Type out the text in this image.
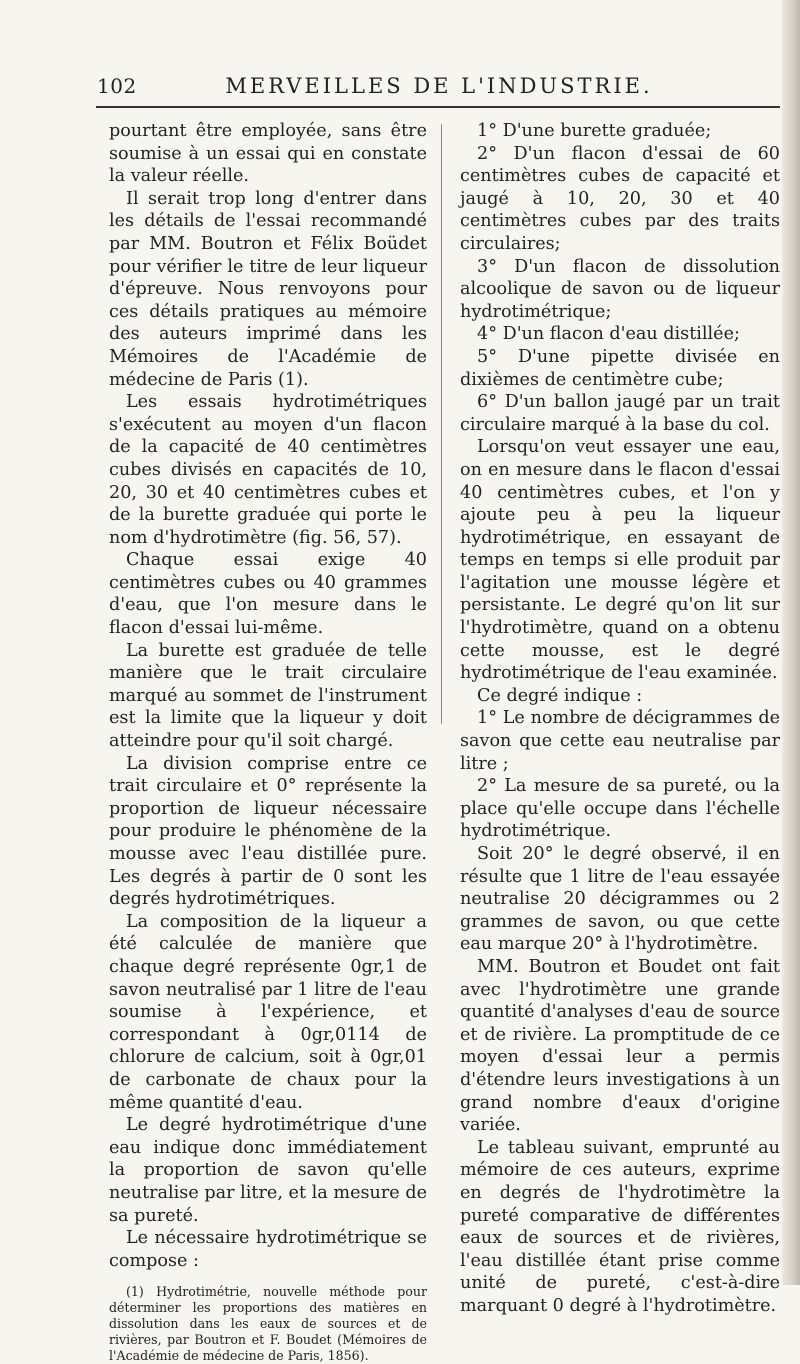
102	MERVEILLES DE L'INDUSTRIE.

pourtant être employée, sans être soumise à un essai qui en constate la valeur réelle.

Il serait trop long d'entrer dans les détails de l'essai recommandé par MM. Boutron et Félix Boüdet pour vérifier le titre de leur liqueur d'épreuve. Nous renvoyons pour ces détails pratiques au mémoire des auteurs imprimé dans les Mémoires de l'Académie de médecine de Paris (1).

Les essais hydrotimétriques s'exécutent au moyen d'un flacon de la capacité de 40 centimètres cubes divisés en capacités de 10, 20, 30 et 40 centimètres cubes et de la burette graduée qui porte le nom d'hydrotimètre (fig. 56, 57).

Chaque essai exige 40 centimètres cubes ou 40 grammes d'eau, que l'on mesure dans le flacon d'essai lui-même.

La burette est graduée de telle manière que le trait circulaire marqué au sommet de l'instrument est la limite que la liqueur y doit atteindre pour qu'il soit chargé.

La division comprise entre ce trait circulaire et 0° représente la proportion de liqueur nécessaire pour produire le phénomène de la mousse avec l'eau distillée pure. Les degrés à partir de 0 sont les degrés hydrotimétriques.

La composition de la liqueur a été calculée de manière que chaque degré représente 0gr,1 de savon neutralisé par 1 litre de l'eau soumise à l'expérience, et correspondant à 0gr,0114 de chlorure de calcium, soit à 0gr,01 de carbonate de chaux pour la même quantité d'eau.

Le degré hydrotimétrique d'une eau indique donc immédiatement la proportion de savon qu'elle neutralise par litre, et la mesure de sa pureté.

Le nécessaire hydrotimétrique se compose :

(1) Hydrotimétrie, nouvelle méthode pour déterminer les proportions des matières en dissolution dans les eaux de sources et de rivières, par Boutron et F. Boudet (Mémoires de l'Académie de médecine de Paris, 1856).

1° D'une burette graduée;

2° D'un flacon d'essai de 60 centimètres cubes de capacité et jaugé à 10, 20, 30 et 40 centimètres cubes par des traits circulaires;

3° D'un flacon de dissolution alcoolique de savon ou de liqueur hydrotimétrique;

4° D'un flacon d'eau distillée;

5° D'une pipette divisée en dixièmes de centimètre cube;

6° D'un ballon jaugé par un trait circulaire marqué à la base du col.

Lorsqu'on veut essayer une eau, on en mesure dans le flacon d'essai 40 centimètres cubes, et l'on y ajoute peu à peu la liqueur hydrotimétrique, en essayant de temps en temps si elle produit par l'agitation une mousse légère et persistante. Le degré qu'on lit sur l'hydrotimètre, quand on a obtenu cette mousse, est le degré hydrotimétrique de l'eau examinée.

Ce degré indique :

1° Le nombre de décigrammes de savon que cette eau neutralise par litre ;

2° La mesure de sa pureté, ou la place qu'elle occupe dans l'échelle hydrotimétrique.

Soit 20° le degré observé, il en résulte que 1 litre de l'eau essayée neutralise 20 décigrammes ou 2 grammes de savon, ou que cette eau marque 20° à l'hydrotimètre.

MM. Boutron et Boudet ont fait avec l'hydrotimètre une grande quantité d'analyses d'eau de source et de rivière. La promptitude de ce moyen d'essai leur a permis d'étendre leurs investigations à un grand nombre d'eaux d'origine variée.

Le tableau suivant, emprunté au mémoire de ces auteurs, exprime en degrés de l'hydrotimètre la pureté comparative de différentes eaux de sources et de rivières, l'eau distillée étant prise comme unité de pureté, c'est-à-dire marquant 0 degré à l'hydrotimètre.
